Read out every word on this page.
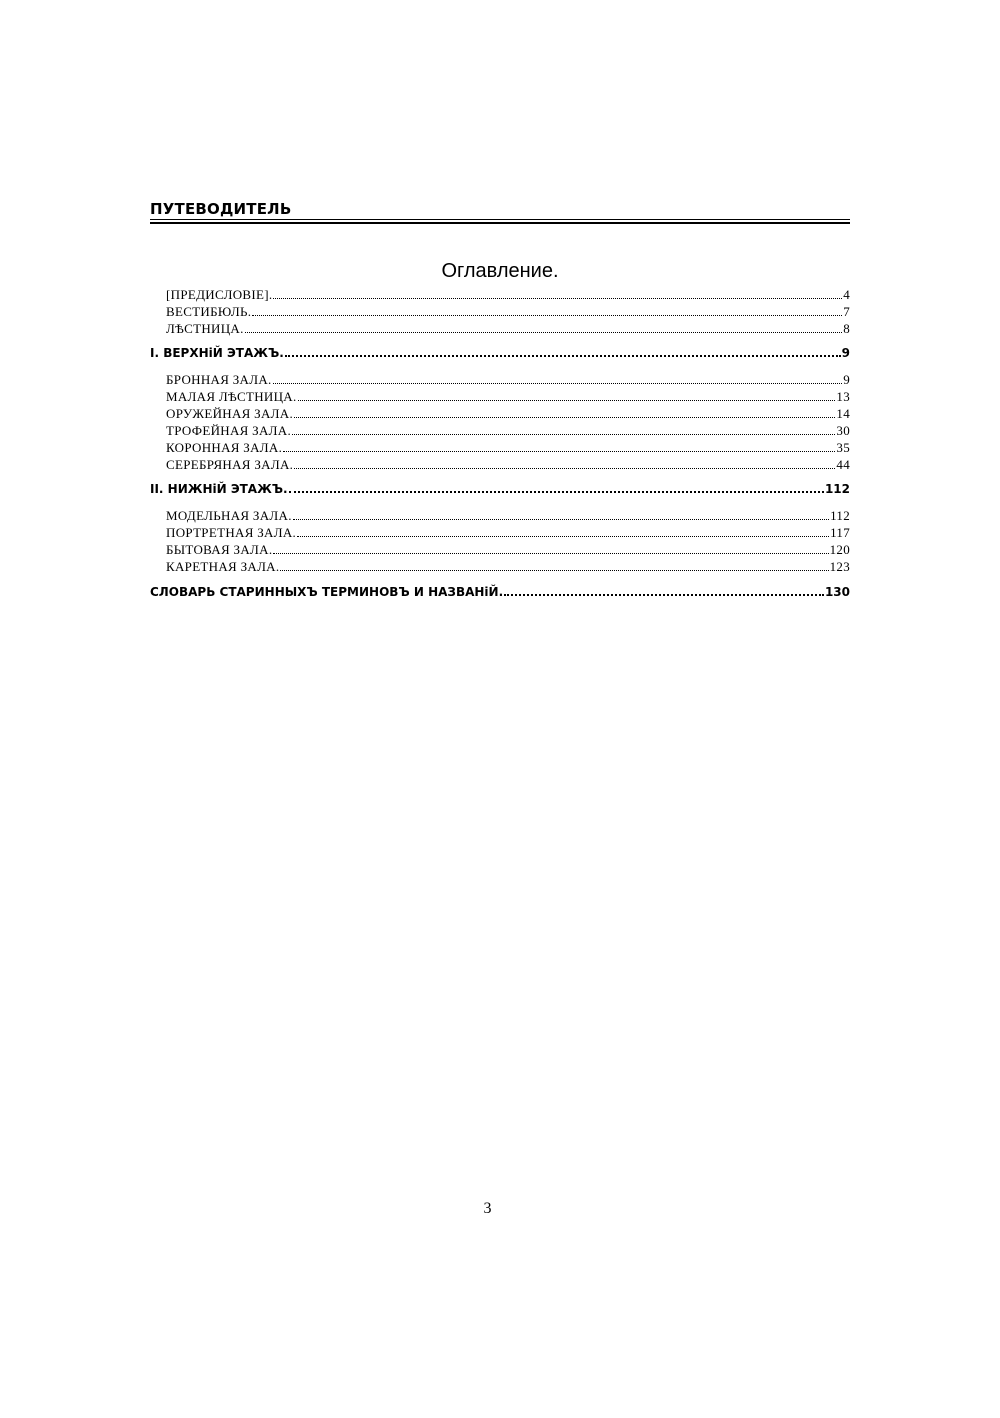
ПУТЕВОДИТЕЛЬ
Оглавление.
[ПРЕДИСЛОВІЕ].	4
ВЕСТИБЮЛЬ.	7
ЛѢСТНИЦА.	8
I. ВЕРХНiЙ ЭТАЖЪ.	9
БРОННАЯ ЗАЛА.	9
МАЛАЯ ЛѢСТНИЦА.	13
ОРУЖЕЙНАЯ ЗАЛА.	14
ТРОФЕЙНАЯ ЗАЛА.	30
КОРОННАЯ ЗАЛА.	35
СЕРЕБРЯНАЯ ЗАЛА.	44
II. НИЖНiЙ ЭТАЖЪ.	112
МОДЕЛЬНАЯ ЗАЛА.	112
ПОРТРЕТНАЯ ЗАЛА.	117
БЫТОВАЯ ЗАЛА.	120
КАРЕТНАЯ ЗАЛА.	123
СЛОВАРЬ СТАРИННЫХЪ ТЕРМИНОВЪ И НАЗВАНiЙ.	130
3
